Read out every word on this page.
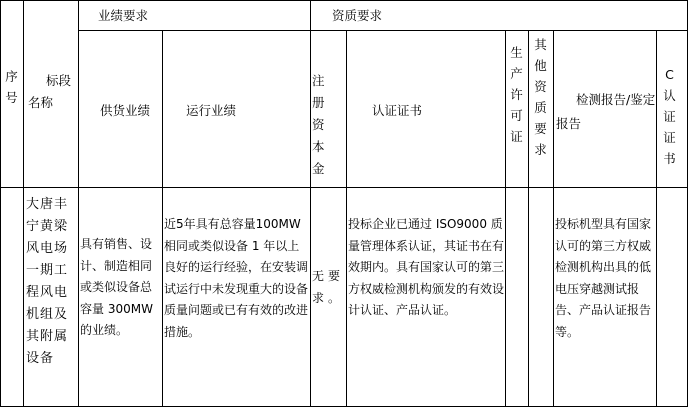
业绩要求	资质要求
序号
标段名称
供货业绩	运行业绩
注册资本金
认证证书
生产许可证
其他资质要求
检测报告/鉴定报告
C认证证书
大唐丰宁黄梁风电场一期工程风电机组及其附属设备
具有销售、设计、制造相同或类似设备总容量 300MW 的业绩。
近5年具有总容量100MW 相同或类似设备 1 年以上良好的运行经验，在安装调试运行中未发现重大的设备质量问题或已有有效的改进措施。
无要求。
投标企业已通过 ISO9000 质量管理体系认证，其证书在有效期内。具有国家认可的第三方权威检测机构颁发的有效设计认证、产品认证。
投标机型具有国家认可的第三方权威检测机构出具的低电压穿越测试报告、产品认证报告等。
